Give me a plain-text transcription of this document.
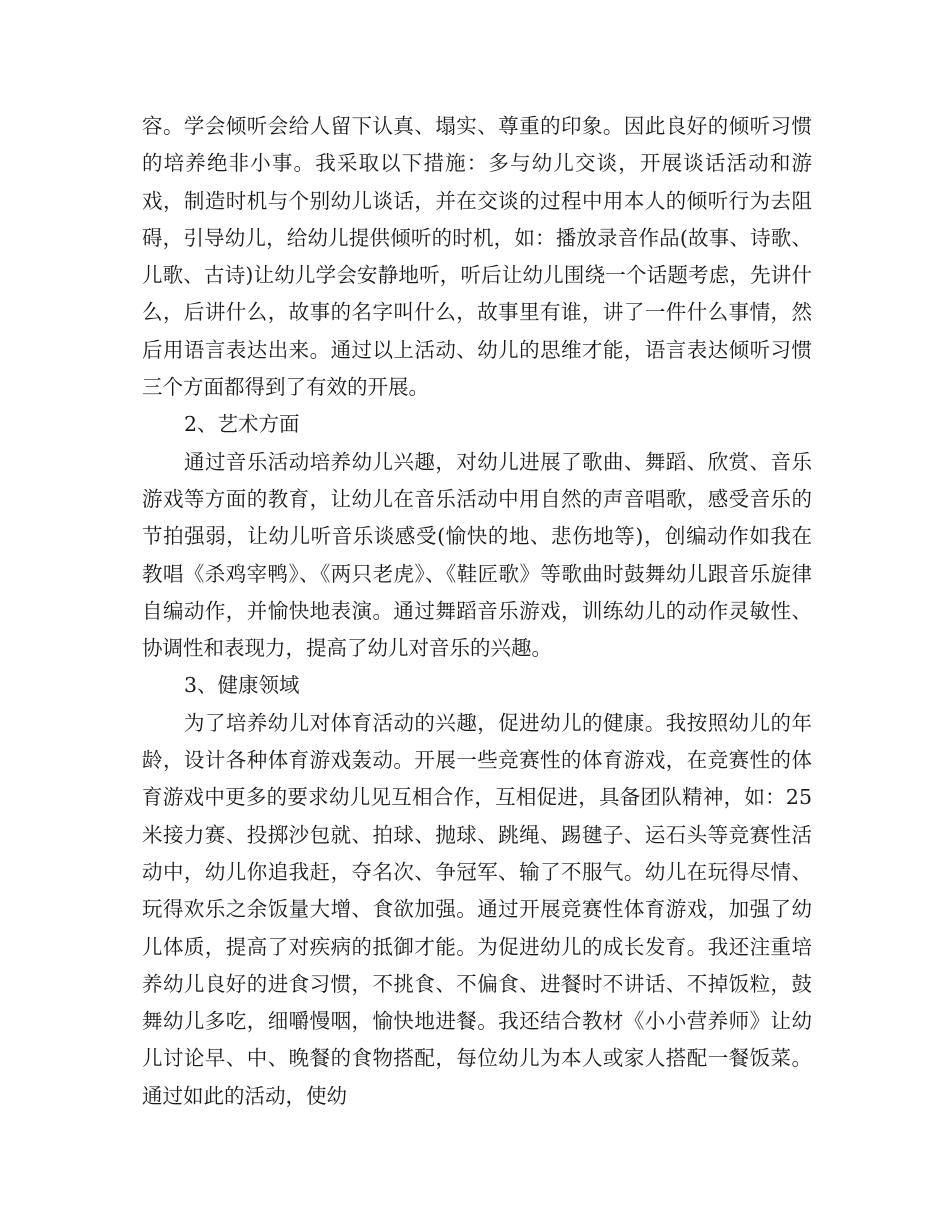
容。学会倾听会给人留下认真、塌实、尊重的印象。因此良好的倾听习惯的培养绝非小事。我采取以下措施：多与幼儿交谈，开展谈话活动和游戏，制造时机与个别幼儿谈话，并在交谈的过程中用本人的倾听行为去阻碍，引导幼儿，给幼儿提供倾听的时机，如：播放录音作品(故事、诗歌、儿歌、古诗)让幼儿学会安静地听，听后让幼儿围绕一个话题考虑，先讲什么，后讲什么，故事的名字叫什么，故事里有谁，讲了一件什么事情，然后用语言表达出来。通过以上活动、幼儿的思维才能，语言表达倾听习惯三个方面都得到了有效的开展。

2、艺术方面

通过音乐活动培养幼儿兴趣，对幼儿进展了歌曲、舞蹈、欣赏、音乐游戏等方面的教育，让幼儿在音乐活动中用自然的声音唱歌，感受音乐的节拍强弱，让幼儿听音乐谈感受(愉快的地、悲伤地等)，创编动作如我在教唱《杀鸡宰鸭》、《两只老虎》、《鞋匠歌》等歌曲时鼓舞幼儿跟音乐旋律自编动作，并愉快地表演。通过舞蹈音乐游戏，训练幼儿的动作灵敏性、协调性和表现力，提高了幼儿对音乐的兴趣。

3、健康领域

为了培养幼儿对体育活动的兴趣，促进幼儿的健康。我按照幼儿的年龄，设计各种体育游戏轰动。开展一些竞赛性的体育游戏，在竞赛性的体育游戏中更多的要求幼儿见互相合作，互相促进，具备团队精神，如：25米接力赛、投掷沙包就、拍球、抛球、跳绳、踢毽子、运石头等竞赛性活动中，幼儿你追我赶，夺名次、争冠军、输了不服气。幼儿在玩得尽情、玩得欢乐之余饭量大增、食欲加强。通过开展竞赛性体育游戏，加强了幼儿体质，提高了对疾病的抵御才能。为促进幼儿的成长发育。我还注重培养幼儿良好的进食习惯，不挑食、不偏食、进餐时不讲话、不掉饭粒，鼓舞幼儿多吃，细嚼慢咽，愉快地进餐。我还结合教材《小小营养师》让幼儿讨论早、中、晚餐的食物搭配，每位幼儿为本人或家人搭配一餐饭菜。通过如此的活动，使幼
